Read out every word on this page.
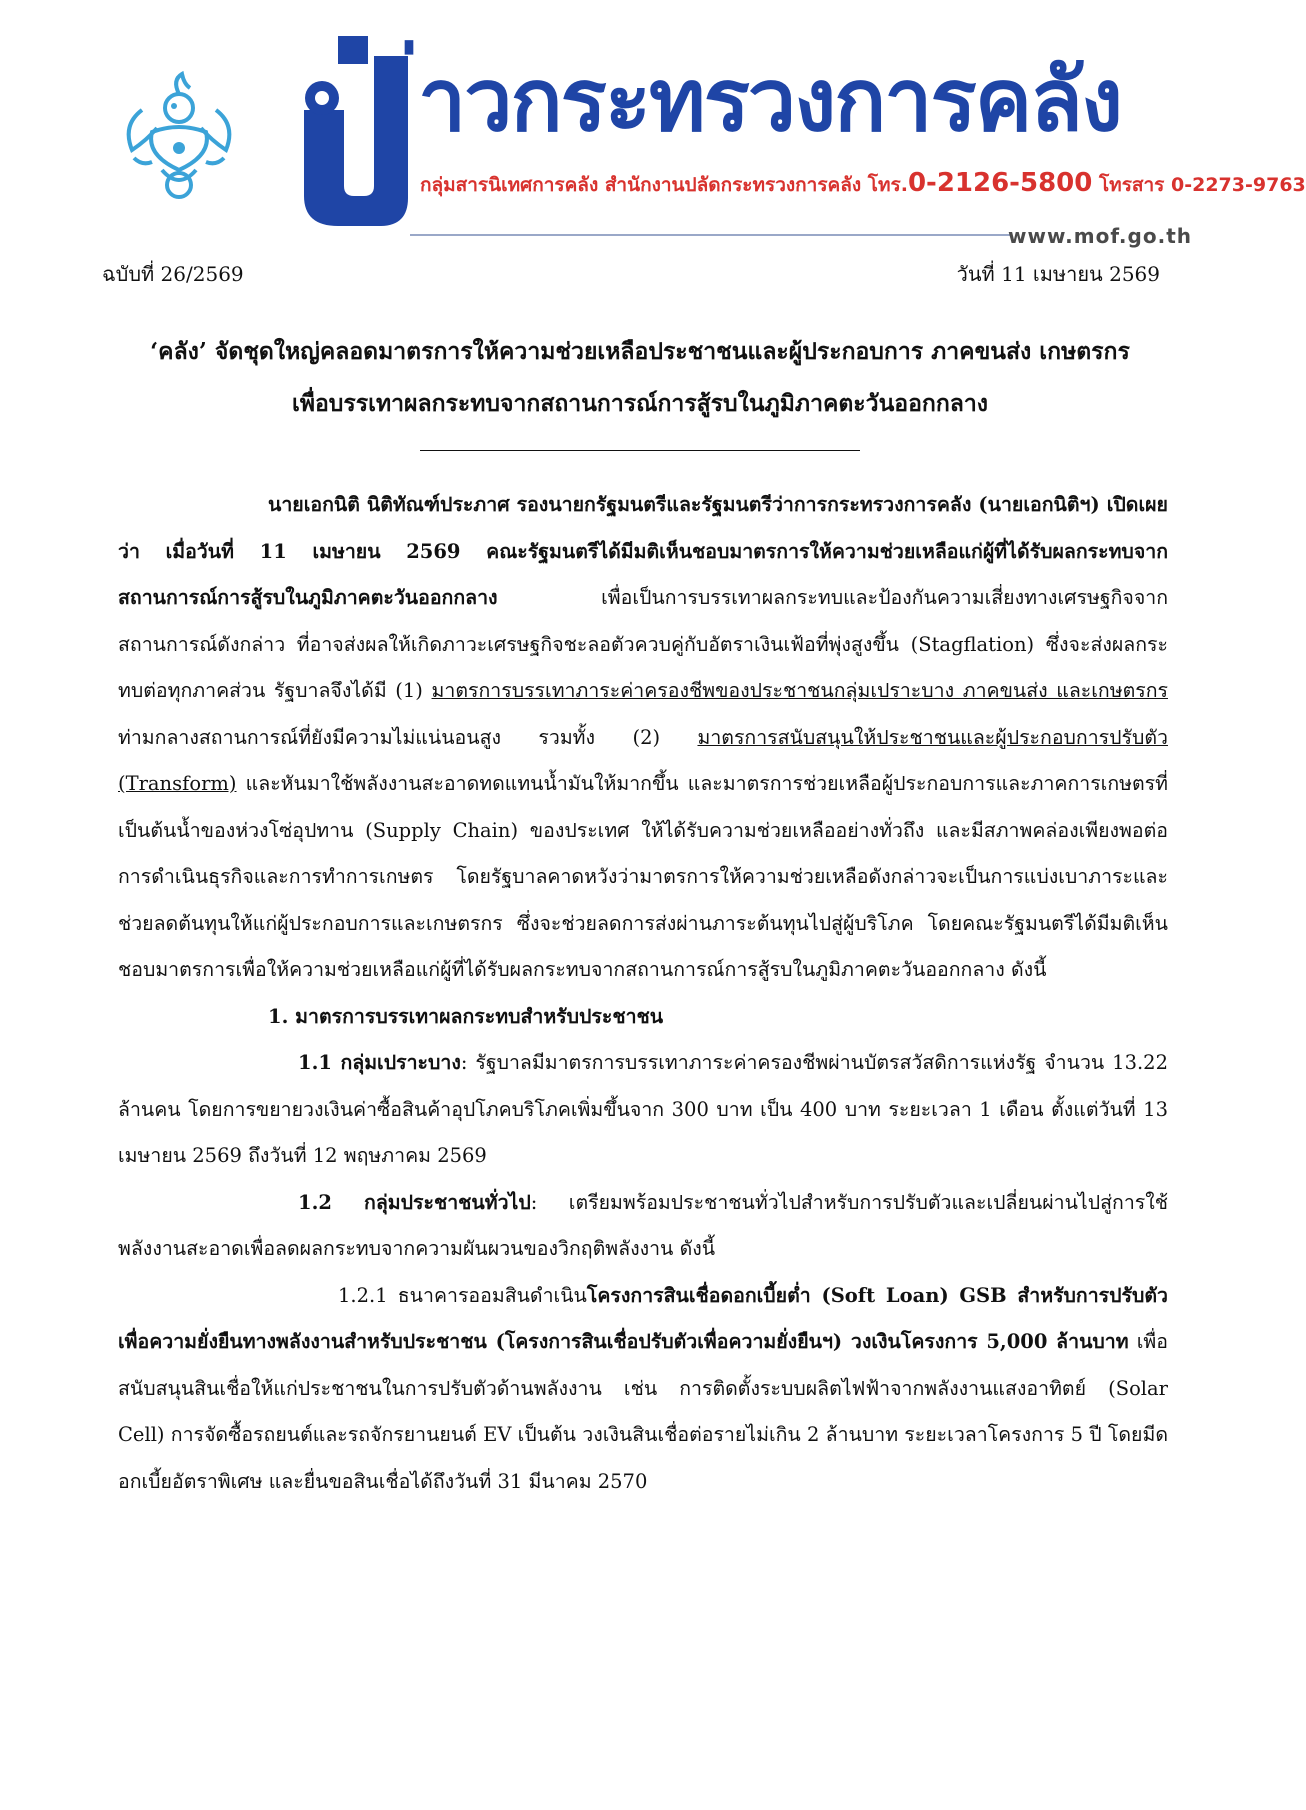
่าวกระทรวงการคลัง
กลุ่มสารนิเทศการคลัง สำนักงานปลัดกระทรวงการคลัง โทร.0-2126-5800 โทรสาร 0-2273-9763
www.mof.go.th
ฉบับที่ 26/2569	วันที่ 11 เมษายน 2569
‘คลัง’ จัดชุดใหญ่คลอดมาตรการให้ความช่วยเหลือประชาชนและผู้ประกอบการ ภาคขนส่ง เกษตรกร
เพื่อบรรเทาผลกระทบจากสถานการณ์การสู้รบในภูมิภาคตะวันออกกลาง

นายเอกนิติ นิติทัณฑ์ประภาศ รองนายกรัฐมนตรีและรัฐมนตรีว่าการกระทรวงการคลัง (นายเอกนิติฯ) เปิดเผยว่า เมื่อวันที่ 11 เมษายน 2569 คณะรัฐมนตรีได้มีมติเห็นชอบมาตรการให้ความช่วยเหลือแก่ผู้ที่ได้รับผลกระทบจากสถานการณ์การสู้รบในภูมิภาคตะวันออกกลาง เพื่อเป็นการบรรเทาผลกระทบและป้องกันความเสี่ยงทางเศรษฐกิจจากสถานการณ์ดังกล่าว ที่อาจส่งผลให้เกิดภาวะเศรษฐกิจชะลอตัวควบคู่กับอัตราเงินเฟ้อที่พุ่งสูงขึ้น (Stagflation) ซึ่งจะส่งผลกระทบต่อทุกภาคส่วน รัฐบาลจึงได้มี (1) มาตรการบรรเทาภาระค่าครองชีพของประชาชนกลุ่มเปราะบาง ภาคขนส่ง และเกษตรกร ท่ามกลางสถานการณ์ที่ยังมีความไม่แน่นอนสูง รวมทั้ง (2) มาตรการสนับสนุนให้ประชาชนและผู้ประกอบการปรับตัว (Transform) และหันมาใช้พลังงานสะอาดทดแทนน้ำมันให้มากขึ้น และมาตรการช่วยเหลือผู้ประกอบการและภาคการเกษตรที่เป็นต้นน้ำของห่วงโซ่อุปทาน (Supply Chain) ของประเทศ ให้ได้รับความช่วยเหลืออย่างทั่วถึง และมีสภาพคล่องเพียงพอต่อการดำเนินธุรกิจและการทำการเกษตร โดยรัฐบาลคาดหวังว่ามาตรการให้ความช่วยเหลือดังกล่าวจะเป็นการแบ่งเบาภาระและช่วยลดต้นทุนให้แก่ผู้ประกอบการและเกษตรกร ซึ่งจะช่วยลดการส่งผ่านภาระต้นทุนไปสู่ผู้บริโภค โดยคณะรัฐมนตรีได้มีมติเห็นชอบมาตรการเพื่อให้ความช่วยเหลือแก่ผู้ที่ได้รับผลกระทบจากสถานการณ์การสู้รบในภูมิภาคตะวันออกกลาง ดังนี้

1. มาตรการบรรเทาผลกระทบสำหรับประชาชน

1.1 กลุ่มเปราะบาง: รัฐบาลมีมาตรการบรรเทาภาระค่าครองชีพผ่านบัตรสวัสดิการแห่งรัฐ จำนวน 13.22 ล้านคน โดยการขยายวงเงินค่าซื้อสินค้าอุปโภคบริโภคเพิ่มขึ้นจาก 300 บาท เป็น 400 บาท ระยะเวลา 1 เดือน ตั้งแต่วันที่ 13 เมษายน 2569 ถึงวันที่ 12 พฤษภาคม 2569

1.2 กลุ่มประชาชนทั่วไป: เตรียมพร้อมประชาชนทั่วไปสำหรับการปรับตัวและเปลี่ยนผ่านไปสู่การใช้พลังงานสะอาดเพื่อลดผลกระทบจากความผันผวนของวิกฤติพลังงาน ดังนี้

1.2.1 ธนาคารออมสินดำเนินโครงการสินเชื่อดอกเบี้ยต่ำ (Soft Loan) GSB สำหรับการปรับตัวเพื่อความยั่งยืนทางพลังงานสำหรับประชาชน (โครงการสินเชื่อปรับตัวเพื่อความยั่งยืนฯ) วงเงินโครงการ 5,000 ล้านบาท เพื่อสนับสนุนสินเชื่อให้แก่ประชาชนในการปรับตัวด้านพลังงาน เช่น การติดตั้งระบบผลิตไฟฟ้าจากพลังงานแสงอาทิตย์ (Solar Cell) การจัดซื้อรถยนต์และรถจักรยานยนต์ EV เป็นต้น วงเงินสินเชื่อต่อรายไม่เกิน 2 ล้านบาท ระยะเวลาโครงการ 5 ปี โดยมีดอกเบี้ยอัตราพิเศษ และยื่นขอสินเชื่อได้ถึงวันที่ 31 มีนาคม 2570
